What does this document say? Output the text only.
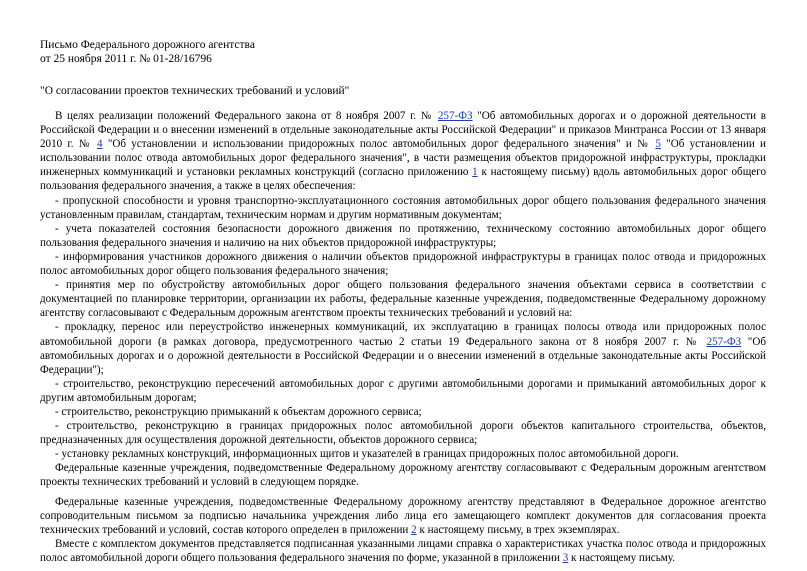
Письмо Федерального дорожного агентства
от 25 ноября 2011 г. № 01-28/16796

"О согласовании проектов технических требований и условий"

В целях реализации положений Федерального закона от 8 ноября 2007 г. № 257-ФЗ "Об автомобильных дорогах и о дорожной деятельности в Российской Федерации и о внесении изменений в отдельные законодательные акты Российской Федерации" и приказов Минтранса России от 13 января 2010 г. № 4 "Об установлении и использовании придорожных полос автомобильных дорог федерального значения" и № 5 "Об установлении и использовании полос отвода автомобильных дорог федерального значения", в части размещения объектов придорожной инфраструктуры, прокладки инженерных коммуникаций и установки рекламных конструкций (согласно приложению 1 к настоящему письму) вдоль автомобильных дорог общего пользования федерального значения, а также в целях обеспечения:

- пропускной способности и уровня транспортно-эксплуатационного состояния автомобильных дорог общего пользования федерального значения установленным правилам, стандартам, техническим нормам и другим нормативным документам;

- учета показателей состояния безопасности дорожного движения по протяжению, техническому состоянию автомобильных дорог общего пользования федерального значения и наличию на них объектов придорожной инфраструктуры;

- информирования участников дорожного движения о наличии объектов придорожной инфраструктуры в границах полос отвода и придорожных полос автомобильных дорог общего пользования федерального значения;

- принятия мер по обустройству автомобильных дорог общего пользования федерального значения объектами сервиса в соответствии с документацией по планировке территории, организации их работы, федеральные казенные учреждения, подведомственные Федеральному дорожному агентству согласовывают с Федеральным дорожным агентством проекты технических требований и условий на:

- прокладку, перенос или переустройство инженерных коммуникаций, их эксплуатацию в границах полосы отвода или придорожных полос автомобильной дороги (в рамках договора, предусмотренного частью 2 статьи 19 Федерального закона от 8 ноября 2007 г. № 257-ФЗ "Об автомобильных дорогах и о дорожной деятельности в Российской Федерации и о внесении изменений в отдельные законодательные акты Российской Федерации");

- строительство, реконструкцию пересечений автомобильных дорог с другими автомобильными дорогами и примыканий автомобильных дорог к другим автомобильным дорогам;

- строительство, реконструкцию примыканий к объектам дорожного сервиса;

- строительство, реконструкцию в границах придорожных полос автомобильной дороги объектов капитального строительства, объектов, предназначенных для осуществления дорожной деятельности, объектов дорожного сервиса;

- установку рекламных конструкций, информационных щитов и указателей в границах придорожных полос автомобильной дороги.

Федеральные казенные учреждения, подведомственные Федеральному дорожному агентству согласовывают с Федеральным дорожным агентством проекты технических требований и условий в следующем порядке.

Федеральные казенные учреждения, подведомственные Федеральному дорожному агентству представляют в Федеральное дорожное агентство сопроводительным письмом за подписью начальника учреждения либо лица его замещающего комплект документов для согласования проекта технических требований и условий, состав которого определен в приложении 2 к настоящему письму, в трех экземплярах.

Вместе с комплектом документов представляется подписанная указанными лицами справка о характеристиках участка полос отвода и придорожных полос автомобильной дороги общего пользования федерального значения по форме, указанной в приложении 3 к настоящему письму.
